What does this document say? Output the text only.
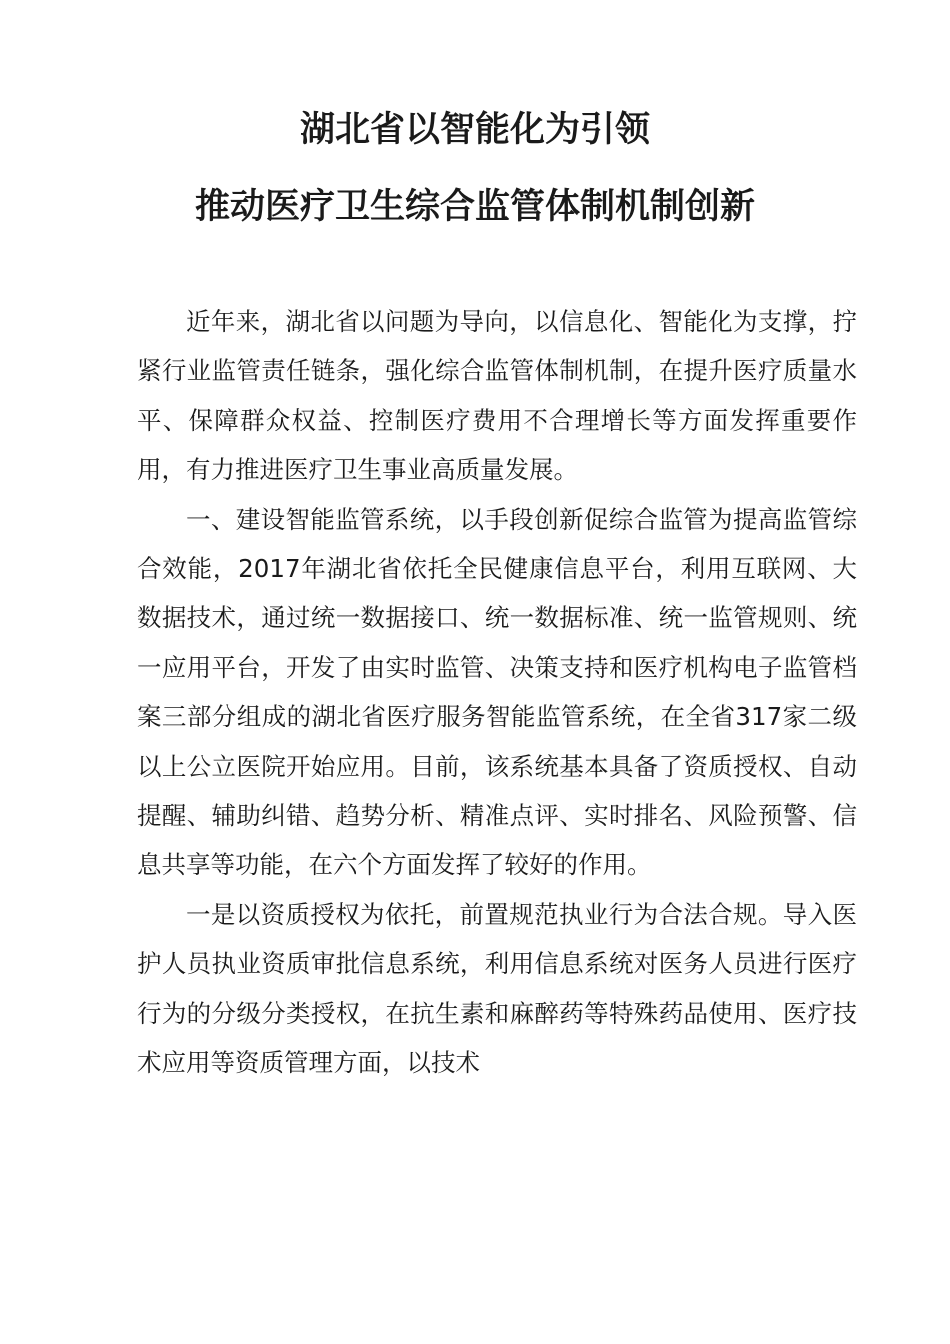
湖北省以智能化为引领
推动医疗卫生综合监管体制机制创新

近年来，湖北省以问题为导向，以信息化、智能化为支撑，拧紧行业监管责任链条，强化综合监管体制机制，在提升医疗质量水平、保障群众权益、控制医疗费用不合理增长等方面发挥重要作用，有力推进医疗卫生事业高质量发展。

一、建设智能监管系统，以手段创新促综合监管为提高监管综合效能，2017年湖北省依托全民健康信息平台，利用互联网、大数据技术，通过统一数据接口、统一数据标准、统一监管规则、统一应用平台，开发了由实时监管、决策支持和医疗机构电子监管档案三部分组成的湖北省医疗服务智能监管系统，在全省317家二级以上公立医院开始应用。目前，该系统基本具备了资质授权、自动提醒、辅助纠错、趋势分析、精准点评、实时排名、风险预警、信息共享等功能，在六个方面发挥了较好的作用。

一是以资质授权为依托，前置规范执业行为合法合规。导入医护人员执业资质审批信息系统，利用信息系统对医务人员进行医疗行为的分级分类授权，在抗生素和麻醉药等特殊药品使用、医疗技术应用等资质管理方面，以技术
